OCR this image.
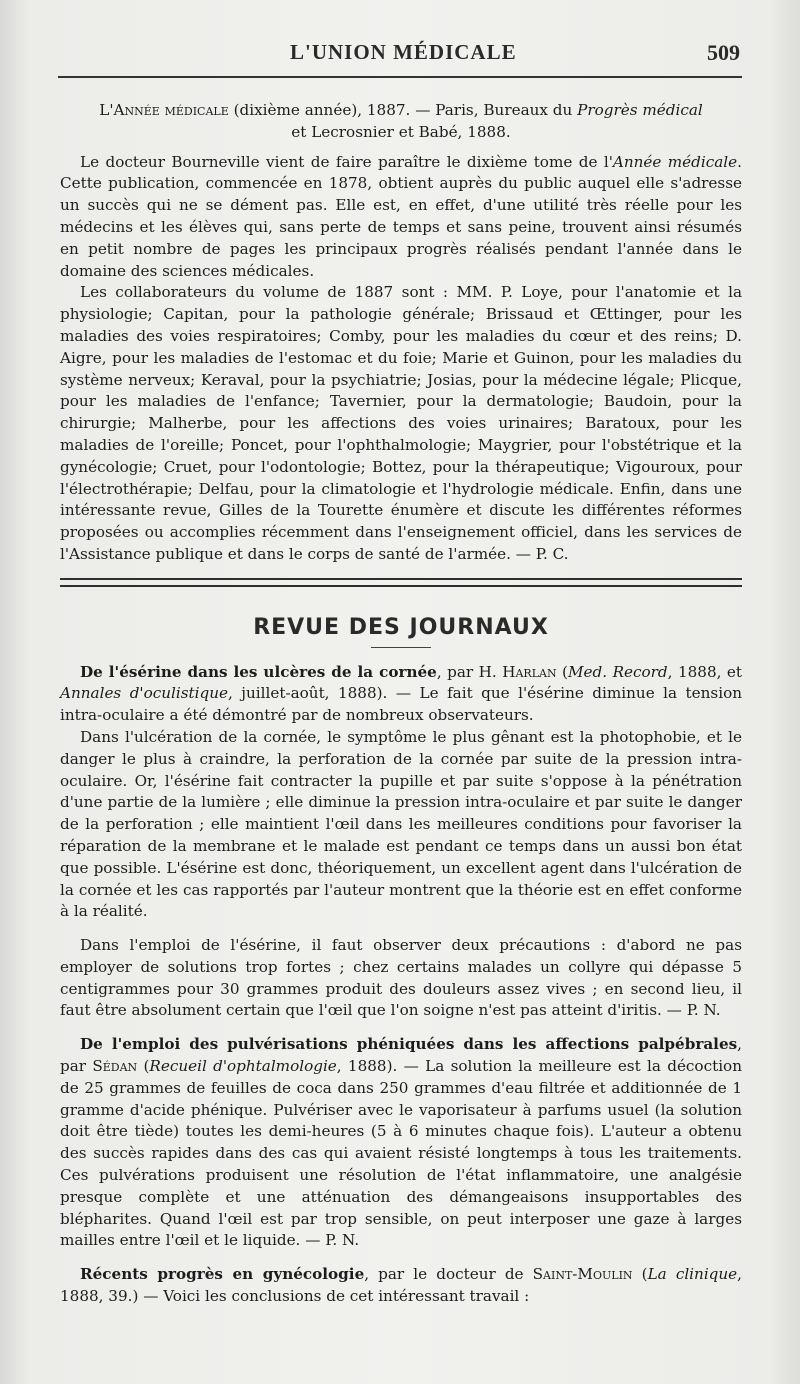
L'UNION MÉDICALE	509

L'Année médicale (dixième année), 1887. — Paris, Bureaux du Progrès médical
et Lecrosnier et Babé, 1888.

Le docteur Bourneville vient de faire paraître le dixième tome de l'Année médicale. Cette publication, commencée en 1878, obtient auprès du public auquel elle s'adresse un succès qui ne se dément pas. Elle est, en effet, d'une utilité très réelle pour les médecins et les élèves qui, sans perte de temps et sans peine, trouvent ainsi résumés en petit nombre de pages les principaux progrès réalisés pendant l'année dans le domaine des sciences médicales.

Les collaborateurs du volume de 1887 sont : MM. P. Loye, pour l'anatomie et la physiologie; Capitan, pour la pathologie générale; Brissaud et Œttinger, pour les maladies des voies respiratoires; Comby, pour les maladies du cœur et des reins; D. Aigre, pour les maladies de l'estomac et du foie; Marie et Guinon, pour les maladies du système nerveux; Keraval, pour la psychiatrie; Josias, pour la médecine légale; Plicque, pour les maladies de l'enfance; Tavernier, pour la dermatologie; Baudoin, pour la chirurgie; Malherbe, pour les affections des voies urinaires; Baratoux, pour les maladies de l'oreille; Poncet, pour l'ophthalmologie; Maygrier, pour l'obstétrique et la gynécologie; Cruet, pour l'odontologie; Bottez, pour la thérapeutique; Vigouroux, pour l'électrothérapie; Delfau, pour la climatologie et l'hydrologie médicale. Enfin, dans une intéressante revue, Gilles de la Tourette énumère et discute les différentes réformes proposées ou accomplies récemment dans l'enseignement officiel, dans les services de l'Assistance publique et dans le corps de santé de l'armée. — P. C.

REVUE DES JOURNAUX

De l'ésérine dans les ulcères de la cornée, par H. Harlan (Med. Record, 1888, et Annales d'oculistique, juillet-août, 1888). — Le fait que l'ésérine diminue la tension intra-oculaire a été démontré par de nombreux observateurs.

Dans l'ulcération de la cornée, le symptôme le plus gênant est la photophobie, et le danger le plus à craindre, la perforation de la cornée par suite de la pression intra-oculaire. Or, l'ésérine fait contracter la pupille et par suite s'oppose à la pénétration d'une partie de la lumière ; elle diminue la pression intra-oculaire et par suite le danger de la perforation ; elle maintient l'œil dans les meilleures conditions pour favoriser la réparation de la membrane et le malade est pendant ce temps dans un aussi bon état que possible. L'ésérine est donc, théoriquement, un excellent agent dans l'ulcération de la cornée et les cas rapportés par l'auteur montrent que la théorie est en effet conforme à la réalité.

Dans l'emploi de l'ésérine, il faut observer deux précautions : d'abord ne pas employer de solutions trop fortes ; chez certains malades un collyre qui dépasse 5 centigrammes pour 30 grammes produit des douleurs assez vives ; en second lieu, il faut être absolument certain que l'œil que l'on soigne n'est pas atteint d'iritis. — P. N.

De l'emploi des pulvérisations phéniquées dans les affections palpébrales, par Sédan (Recueil d'ophtalmologie, 1888). — La solution la meilleure est la décoction de 25 grammes de feuilles de coca dans 250 grammes d'eau filtrée et additionnée de 1 gramme d'acide phénique. Pulvériser avec le vaporisateur à parfums usuel (la solution doit être tiède) toutes les demi-heures (5 à 6 minutes chaque fois). L'auteur a obtenu des succès rapides dans des cas qui avaient résisté longtemps à tous les traitements. Ces pulvérations produisent une résolution de l'état inflammatoire, une analgésie presque complète et une atténuation des démangeaisons insupportables des blépharites. Quand l'œil est par trop sensible, on peut interposer une gaze à larges mailles entre l'œil et le liquide. — P. N.

Récents progrès en gynécologie, par le docteur de Saint-Moulin (La clinique, 1888, 39.) — Voici les conclusions de cet intéressant travail :
